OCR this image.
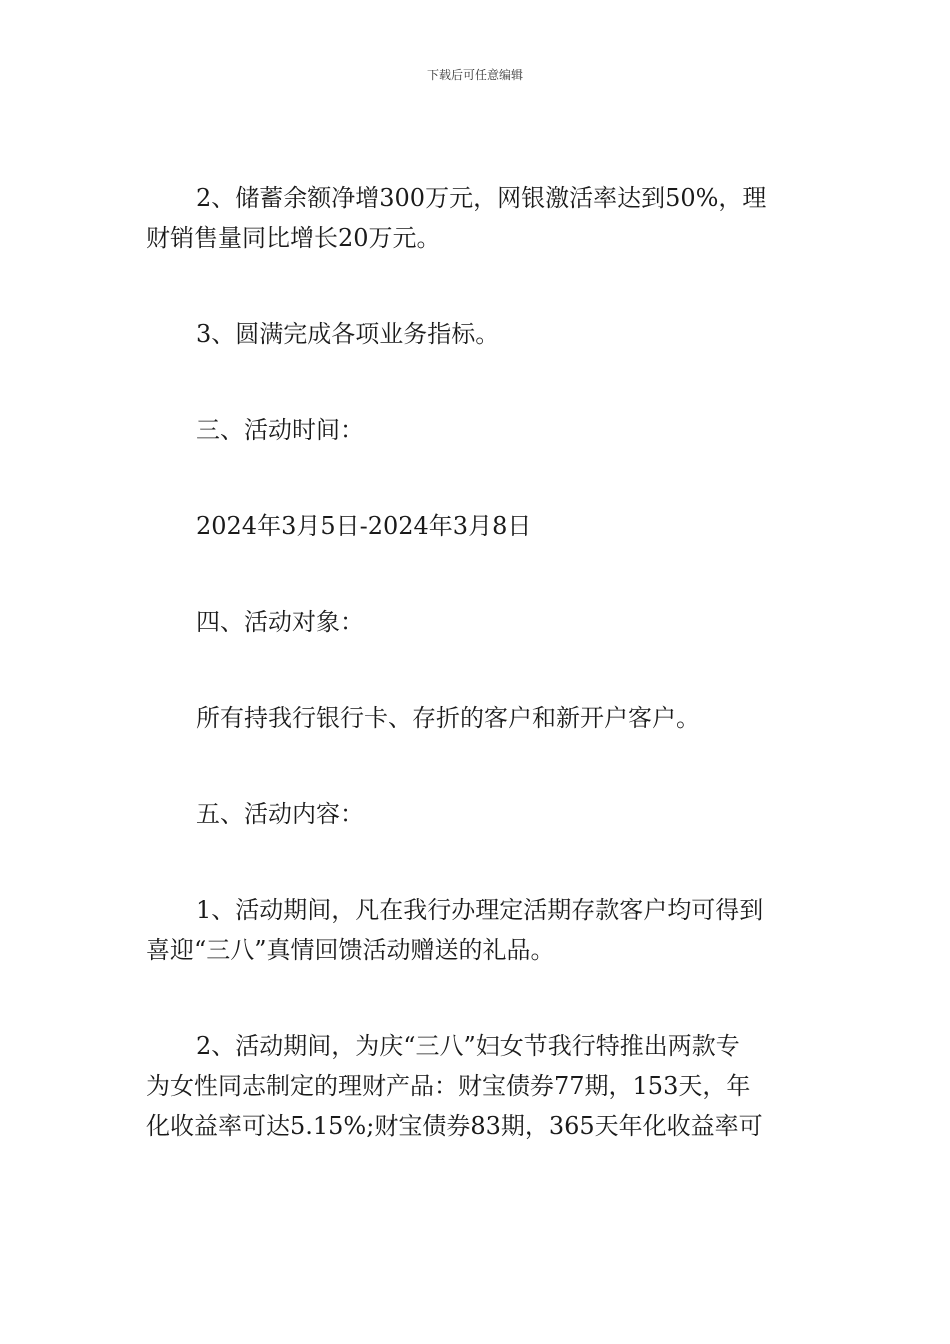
下载后可任意编辑
2、储蓄余额净增300万元，网银激活率达到50%，理
财销售量同比增长20万元。
3、圆满完成各项业务指标。
三、活动时间：
2024年3月5日-2024年3月8日
四、活动对象：
所有持我行银行卡、存折的客户和新开户客户。
五、活动内容：
1、活动期间，凡在我行办理定活期存款客户均可得到
喜迎“三八”真情回馈活动赠送的礼品。
2、活动期间，为庆“三八”妇女节我行特推出两款专
为女性同志制定的理财产品：财宝债券77期，153天，年
化收益率可达5.15%;财宝债券83期，365天年化收益率可
